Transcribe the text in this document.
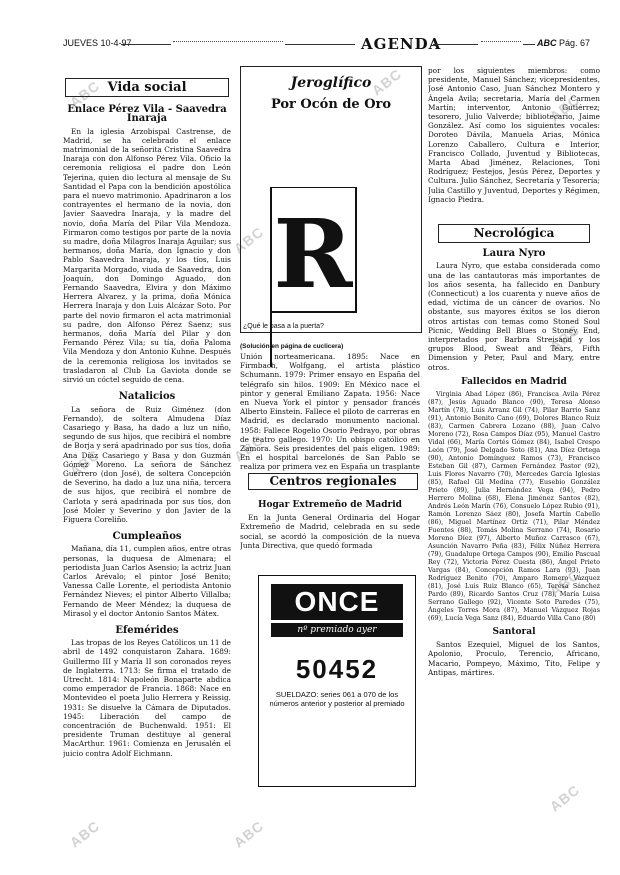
JUEVES 10-4-97	AGENDA	ABC Pág. 67
ABC
ABC
ABC
ABC
ABC
ABC
ABC
ABC
ABC
ABC
ABC
Vida social
Enlace Pérez Vila - Saavedra Inaraja

En la iglesia Arzobispal Castrense, de Madrid, se ha celebrado el enlace matrimonial de la señorita Cristina Saavedra Inaraja con don Alfonso Pérez Vila. Oficio la ceremonia religiosa el padre don León Tejerina, quien dio lectura al mensaje de Su Santidad el Papa con la bendición apostólica para el nuevo matrimonio. Apadrinaron a los contrayentes el hermano de la novia, don Javier Saavedra Inaraja, y la madre del novio, doña María del Pilar Vila Mendoza. Firmaron como testigos por parte de la novia su madre, doña Milagros Inaraja Aguilar; sus hermanos, doña María, don Ignacio y don Pablo Saavedra Inaraja, y los tíos, Luis Margarita Morgado, viuda de Saavedra, don Joaquín, don Domingo Aguado, don Fernando Saavedra, Elvira y don Máximo Herrera Alvarez, y la prima, doña Mónica Herrera Inaraja y don Luis Alcázar Soto. Por parte del novio firmaron el acta matrimonial su padre, don Alfonso Pérez Saenz; sus hermanos, doña María del Pilar y don Fernando Pérez Vila; su tía, doña Paloma Vila Mendoza y don Antonio Kuhne. Después de la ceremonia religiosa los invitados se trasladaron al Club La Gaviota donde se sirvió un cóctel seguido de cena.

Natalicios

La señora de Ruiz Giménez (don Fernando), de soltera Almudena Díaz Casariego y Basa, ha dado a luz un niño, segundo de sus hijos, que recibirá el nombre de Borja y será apadrinado por sus tíos, doña Ana Díaz Casariego y Basa y don Guzmán Gómez Moreno. La señora de Sánchez Guerrero (don José), de soltera Concepción de Severino, ha dado a luz una niña, tercera de sus hijos, que recibirá el nombre de Carlota y será apadrinada por sus tíos, don José Moler y Severino y don Javier de la Figuera Coreliño.

Cumpleaños

Mañana, día 11, cumplen años, entre otras personas, la duquesa de Almenara; el periodista Juan Carlos Asensio; la actriz Juan Carlos Arévalo; el pintor José Benito; Vanessa Calle Lorente, el periodista Antonio Fernández Nieves; el pintor Alberto Villalba; Fernando de Meer Méndez; la duquesa de Mirasol y el doctor Antonio Santos Mátex.

Efemérides

Las tropas de los Reyes Católicos un 11 de abril de 1492 conquistaron Zahara. 1689: Guillermo III y María II son coronados reyes de Inglaterra. 1713: Se firma el tratado de Utrecht. 1814: Napoleón Bonaparte abdica como emperador de Francia. 1868: Nace en Montevideo el poeta Julio Herrera y Reissig. 1931: Se disuelve la Cámara de Diputados. 1945: Liberación del campo de concentración de Buchenwald. 1951: El presidente Truman destituye al general MacArthur. 1961: Comienza en Jerusalén el juicio contra Adolf Eichmann.

Jeroglífico
Por Ocón de Oro
R
¿Qué le pasa a la puerta?
(Solución en página de cuclicera)

Unión norteamericana. 1895: Nace en Firmbach, Wolfgang, el artista plástico Schumann. 1979: Primer ensayo en España del telégrafo sin hilos. 1909: En México nace el pintor y general Emiliano Zapata. 1956: Nace en Nueva York el pintor y pensador francés Alberto Einstein. Fallece el piloto de carreras en Madrid, es declarado monumento nacional. 1958: Fallece Rogelio Osorio Pedrayo, por obras de teatro gallego. 1970: Un obispo católico en Zamora. Seis presidentes del país eligen. 1989: En el hospital barcelonés de San Pablo se realiza por primera vez en España un trasplante

Centros regionales
Hogar Extremeño de Madrid

En la Junta General Ordinaria del Hogar Extremeño de Madrid, celebrada en su sede social, se acordó la composición de la nueva Junta Directiva, que quedó formada

ONCE
nº premiado ayer
50452
SUELDAZO: series 061 a 070 de los números anterior y posterior al premiado

por los siguientes miembros: como presidente, Manuel Sánchez; vicepresidentes, José Antonio Caso, Juan Sánchez Montero y Ángela Avila; secretaria, María del Carmen Martín; interventor, Antonio Gutiérrez; tesorero, Julio Valverde; bibliotecario, Jaime González. Así como los siguientes vocales: Doroteo Dávila, Manuela Arias, Mónica Lorenzo Caballero, Cultura e Interior, Francisco Collado, Juventud y Bibliotecas, Marta Abad Jiménez, Relaciones, Toni Rodríguez; Festejos, Jesús Pérez, Deportes y Cultura. Julio Sánchez, Secretaría y Tesorería; Julia Castillo y Juventud, Deportes y Régimen, Ignacio Piedra.

Necrológica
Laura Nyro

Laura Nyro, que estaba considerada como una de las cantautoras más importantes de los años sesenta, ha fallecido en Danbury (Connecticut) a los cuarenta y nueve años de edad, víctima de un cáncer de ovarios. No obstante, sus mayores éxitos se los dieron otros artistas con temas como Stoned Soul Picnic, Wedding Bell Blues o Stoney End, interpretados por Barbra Streisand y los grupos Blood, Sweat and Tears, Fifth Dimension y Peter, Paul and Mary, entre otros.

Fallecidos en Madrid

Virginia Abad López (86), Francisca Avila Pérez (87), Jesús Aguado Blanco (90), Teresa Alonso Martín (78), Luis Arranz Gil (74), Pilar Barrio Sanz (91), Antonio Benito Cano (69), Dolores Blanco Ruiz (83), Carmen Cabrera Lozano (88), Juan Calvo Moreno (72), Rosa Campos Díaz (95), Manuel Castro Vidal (66), María Cortés Gómez (84), Isabel Crespo León (79), José Delgado Soto (81), Ana Díez Ortega (90), Antonio Domínguez Ramos (73), Francisco Esteban Gil (87), Carmen Fernández Pastor (92), Luis Flores Navarro (70), Mercedes García Iglesias (85), Rafael Gil Medina (77), Eusebio González Prieto (89), Julia Hernández Vega (94), Pedro Herrero Molina (68), Elena Jiménez Santos (82), Andrés León Marín (76), Consuelo López Rubio (91), Ramón Lorenzo Sáez (80), Josefa Martín Cabello (86), Miguel Martínez Ortiz (71), Pilar Méndez Fuentes (88), Tomás Molina Serrano (74), Rosario Moreno Díez (97), Alberto Muñoz Carrasco (67), Asunción Navarro Peña (83), Félix Núñez Herrera (79), Guadalupe Ortega Campos (90), Emilio Pascual Rey (72), Victoria Pérez Cuesta (86), Ángel Prieto Vargas (84), Concepción Ramos Lara (93), Juan Rodríguez Benito (70), Amparo Romero Vázquez (81), José Luis Ruiz Blanco (65), Teresa Sánchez Pardo (89), Ricardo Santos Cruz (78), María Luisa Serrano Gallego (92), Vicente Soto Paredes (75), Ángeles Torres Mora (87), Manuel Vázquez Rojas (69), Lucía Vega Sanz (84), Eduardo Villa Cano (80)

Santoral

Santos Ezequiel, Miguel de los Santos, Apolonio, Proculo, Terencio, Africano, Macario, Pompeyo, Máximo, Tito, Felipe y Antipas, mártires.
